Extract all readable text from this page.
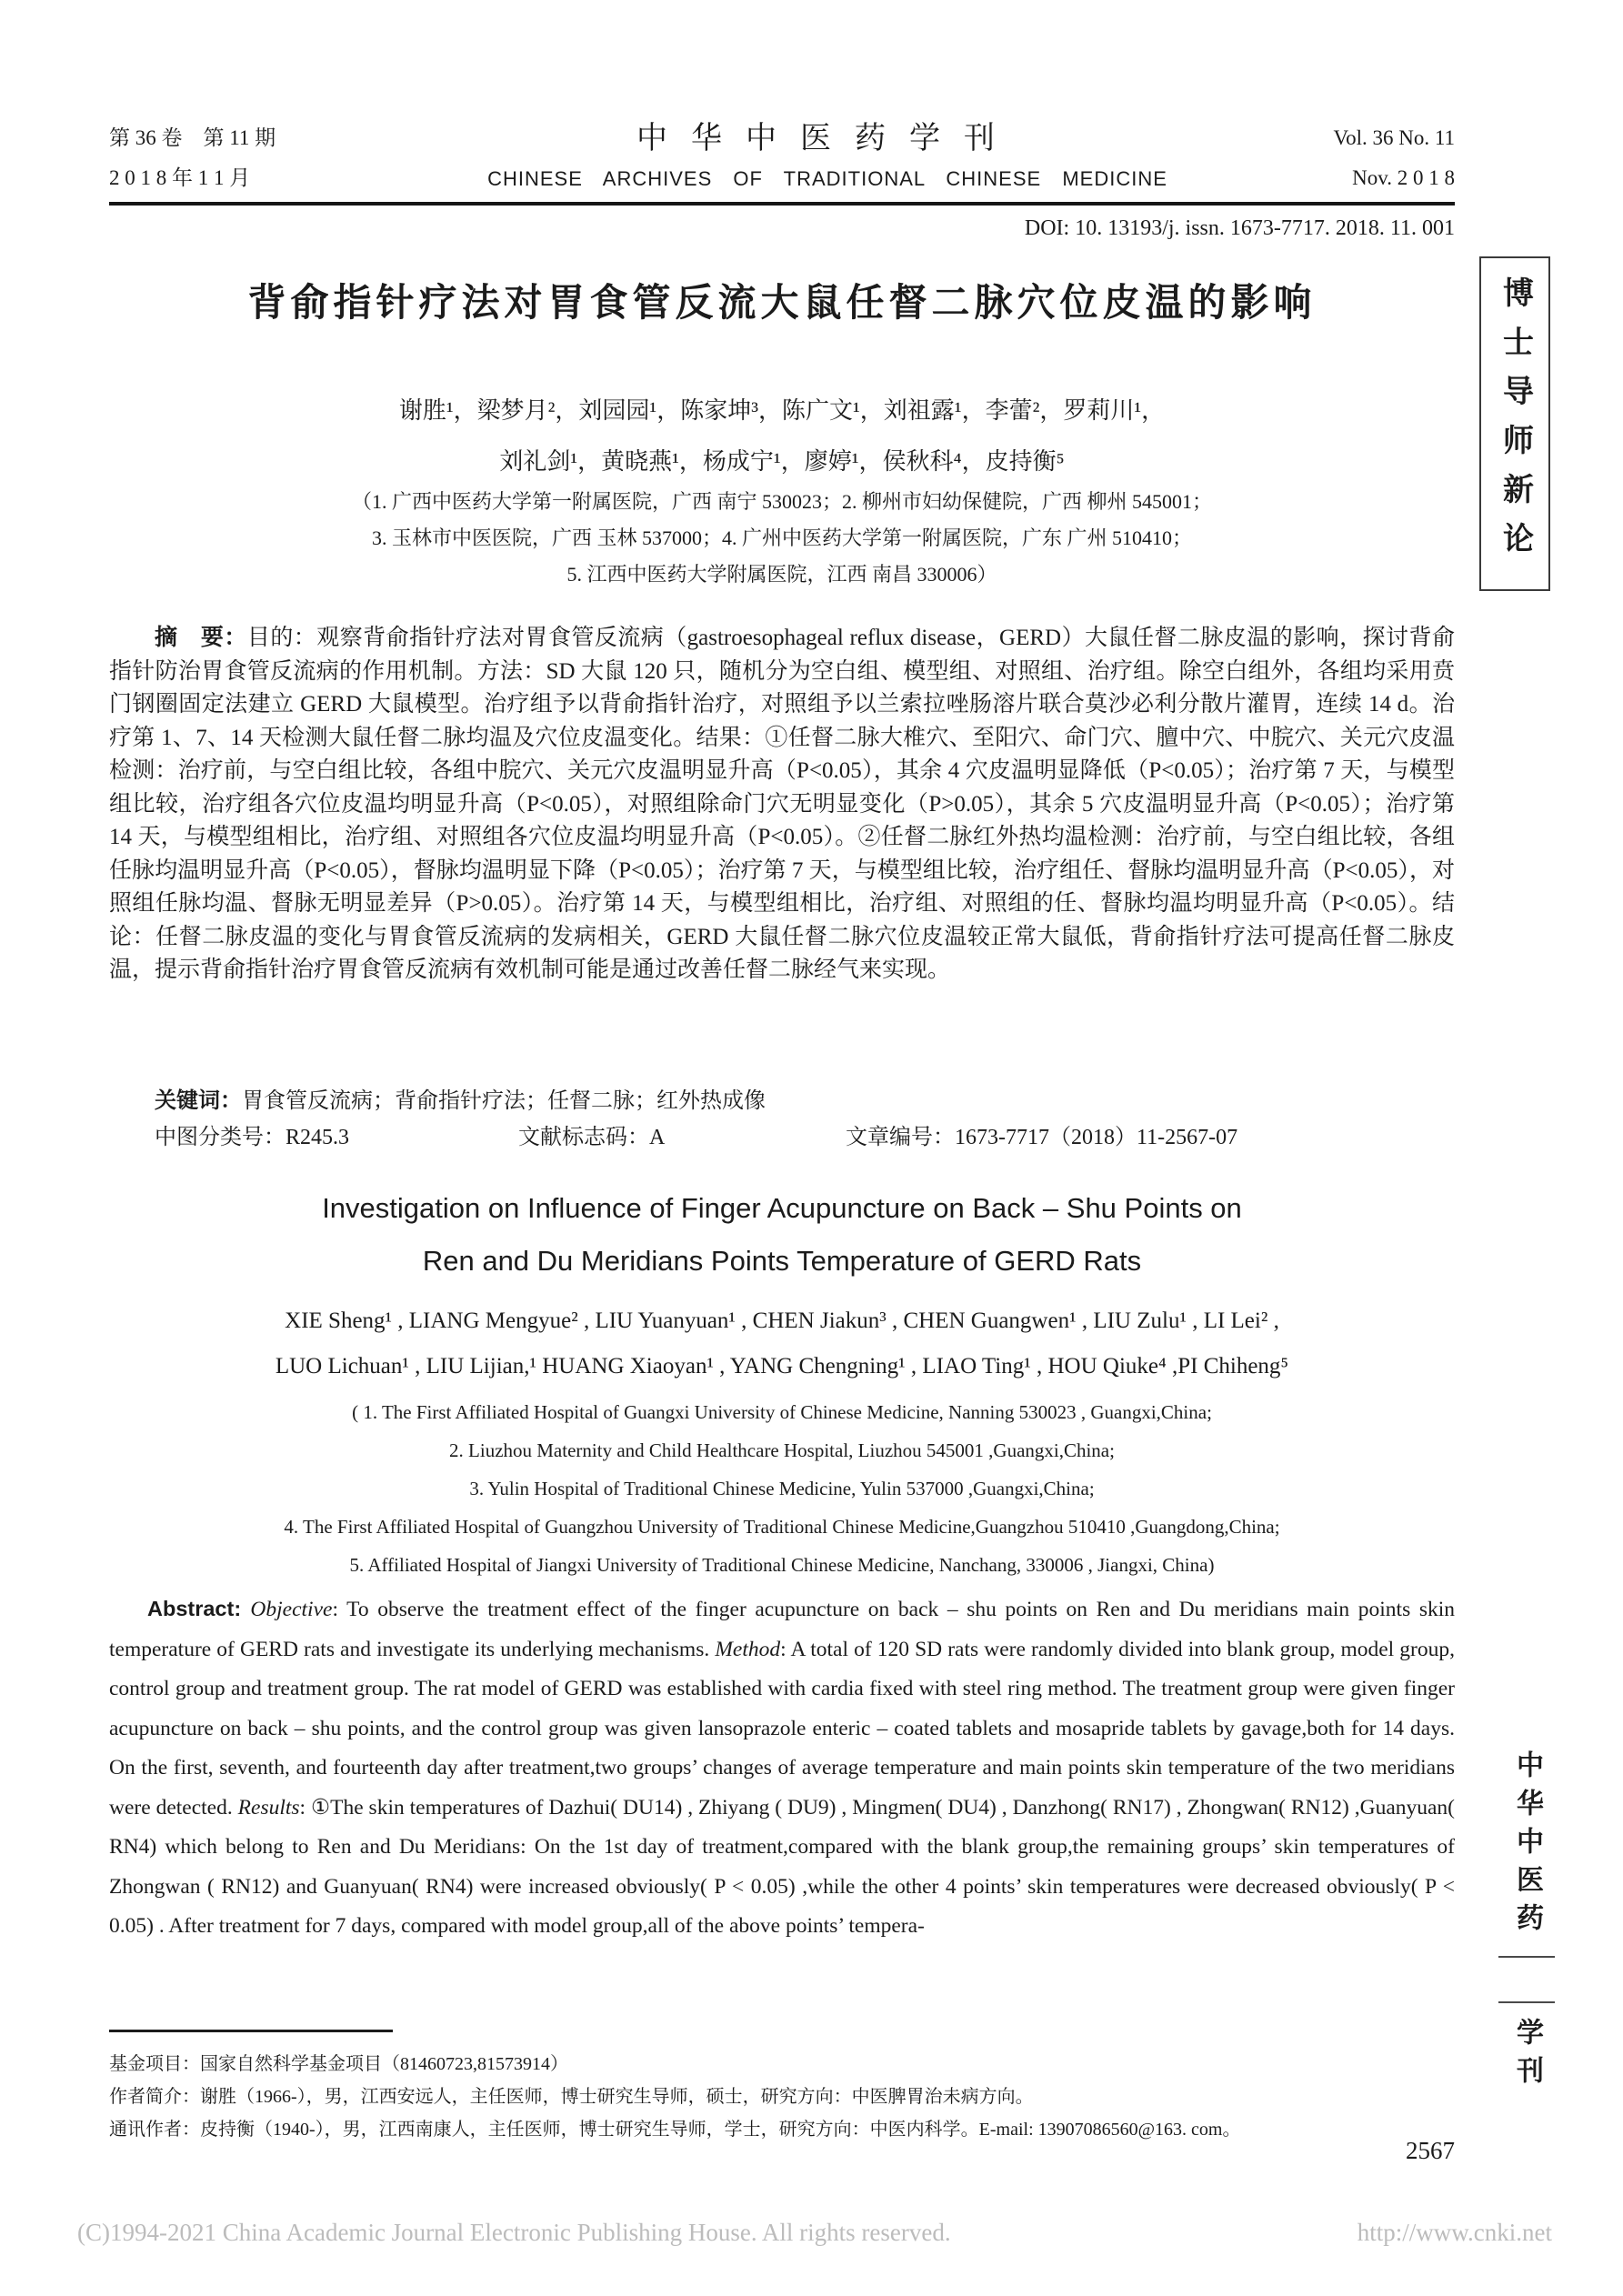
第 36 卷　第 11 期
2 0 1 8 年 1 1 月
中华中医药学刊
CHINESE ARCHIVES OF TRADITIONAL CHINESE MEDICINE
Vol. 36 No. 11
Nov. 2 0 1 8
DOI: 10. 13193/j. issn. 1673-7717. 2018. 11. 001
背俞指针疗法对胃食管反流大鼠任督二脉穴位皮温的影响
谢胜¹，梁梦月²，刘园园¹，陈家坤³，陈广文¹，刘祖露¹，李蕾²，罗莉川¹，
刘礼剑¹，黄晓燕¹，杨成宁¹，廖婷¹，侯秋科⁴，皮持衡⁵
（1. 广西中医药大学第一附属医院，广西 南宁 530023；2. 柳州市妇幼保健院，广西 柳州 545001；
3. 玉林市中医医院，广西 玉林 537000；4. 广州中医药大学第一附属医院，广东 广州 510410；
5. 江西中医药大学附属医院，江西 南昌 330006）
摘　要：目的：观察背俞指针疗法对胃食管反流病（gastroesophageal reflux disease，GERD）大鼠任督二脉皮温的影响，探讨背俞指针防治胃食管反流病的作用机制。方法：SD 大鼠 120 只，随机分为空白组、模型组、对照组、治疗组。除空白组外，各组均采用贲门钢圈固定法建立 GERD 大鼠模型。治疗组予以背俞指针治疗，对照组予以兰索拉唑肠溶片联合莫沙必利分散片灌胃，连续 14 d。治疗第 1、7、14 天检测大鼠任督二脉均温及穴位皮温变化。结果：①任督二脉大椎穴、至阳穴、命门穴、膻中穴、中脘穴、关元穴皮温检测：治疗前，与空白组比较，各组中脘穴、关元穴皮温明显升高（P<0.05），其余 4 穴皮温明显降低（P<0.05）；治疗第 7 天，与模型组比较，治疗组各穴位皮温均明显升高（P<0.05），对照组除命门穴无明显变化（P>0.05），其余 5 穴皮温明显升高（P<0.05）；治疗第 14 天，与模型组相比，治疗组、对照组各穴位皮温均明显升高（P<0.05）。②任督二脉红外热均温检测：治疗前，与空白组比较，各组任脉均温明显升高（P<0.05），督脉均温明显下降（P<0.05）；治疗第 7 天，与模型组比较，治疗组任、督脉均温明显升高（P<0.05），对照组任脉均温、督脉无明显差异（P>0.05）。治疗第 14 天，与模型组相比，治疗组、对照组的任、督脉均温均明显升高（P<0.05）。结论：任督二脉皮温的变化与胃食管反流病的发病相关，GERD 大鼠任督二脉穴位皮温较正常大鼠低，背俞指针疗法可提高任督二脉皮温，提示背俞指针治疗胃食管反流病有效机制可能是通过改善任督二脉经气来实现。
关键词：胃食管反流病；背俞指针疗法；任督二脉；红外热成像
中图分类号：R245.3	文献标志码：A	文章编号：1673-7717（2018）11-2567-07
Investigation on Influence of Finger Acupuncture on Back – Shu Points on
Ren and Du Meridians Points Temperature of GERD Rats
XIE Sheng¹ , LIANG Mengyue² , LIU Yuanyuan¹ , CHEN Jiakun³ , CHEN Guangwen¹ , LIU Zulu¹ , LI Lei² ,
LUO Lichuan¹ , LIU Lijian,¹ HUANG Xiaoyan¹ , YANG Chengning¹ , LIAO Ting¹ , HOU Qiuke⁴ ,PI Chiheng⁵
( 1. The First Affiliated Hospital of Guangxi University of Chinese Medicine, Nanning 530023 , Guangxi,China;
2. Liuzhou Maternity and Child Healthcare Hospital, Liuzhou 545001 ,Guangxi,China;
3. Yulin Hospital of Traditional Chinese Medicine, Yulin 537000 ,Guangxi,China;
4. The First Affiliated Hospital of Guangzhou University of Traditional Chinese Medicine,Guangzhou 510410 ,Guangdong,China;
5. Affiliated Hospital of Jiangxi University of Traditional Chinese Medicine, Nanchang, 330006 , Jiangxi, China)
Abstract: Objective: To observe the treatment effect of the finger acupuncture on back – shu points on Ren and Du meridians main points skin temperature of GERD rats and investigate its underlying mechanisms. Method: A total of 120 SD rats were randomly divided into blank group, model group, control group and treatment group. The rat model of GERD was established with cardia fixed with steel ring method. The treatment group were given finger acupuncture on back – shu points, and the control group was given lansoprazole enteric – coated tablets and mosapride tablets by gavage,both for 14 days. On the first, seventh, and fourteenth day after treatment,two groups’ changes of average temperature and main points skin temperature of the two meridians were detected. Results: ①The skin temperatures of Dazhui( DU14) , Zhiyang ( DU9) , Mingmen( DU4) , Danzhong( RN17) , Zhongwan( RN12) ,Guanyuan( RN4) which belong to Ren and Du Meridians: On the 1st day of treatment,compared with the blank group,the remaining groups’ skin temperatures of Zhongwan ( RN12) and Guanyuan( RN4) were increased obviously( P < 0.05) ,while the other 4 points’ skin temperatures were decreased obviously( P < 0.05) . After treatment for 7 days, compared with model group,all of the above points’ tempera-
基金项目：国家自然科学基金项目（81460723,81573914）
作者简介：谢胜（1966-），男，江西安远人，主任医师，博士研究生导师，硕士，研究方向：中医脾胃治未病方向。
通讯作者：皮持衡（1940-），男，江西南康人，主任医师，博士研究生导师，学士，研究方向：中医内科学。E-mail: 13907086560@163. com。
2567
(C)1994-2021 China Academic Journal Electronic Publishing House. All rights reserved.	http://www.cnki.net
博士导师新论
中华中医药
学刊
